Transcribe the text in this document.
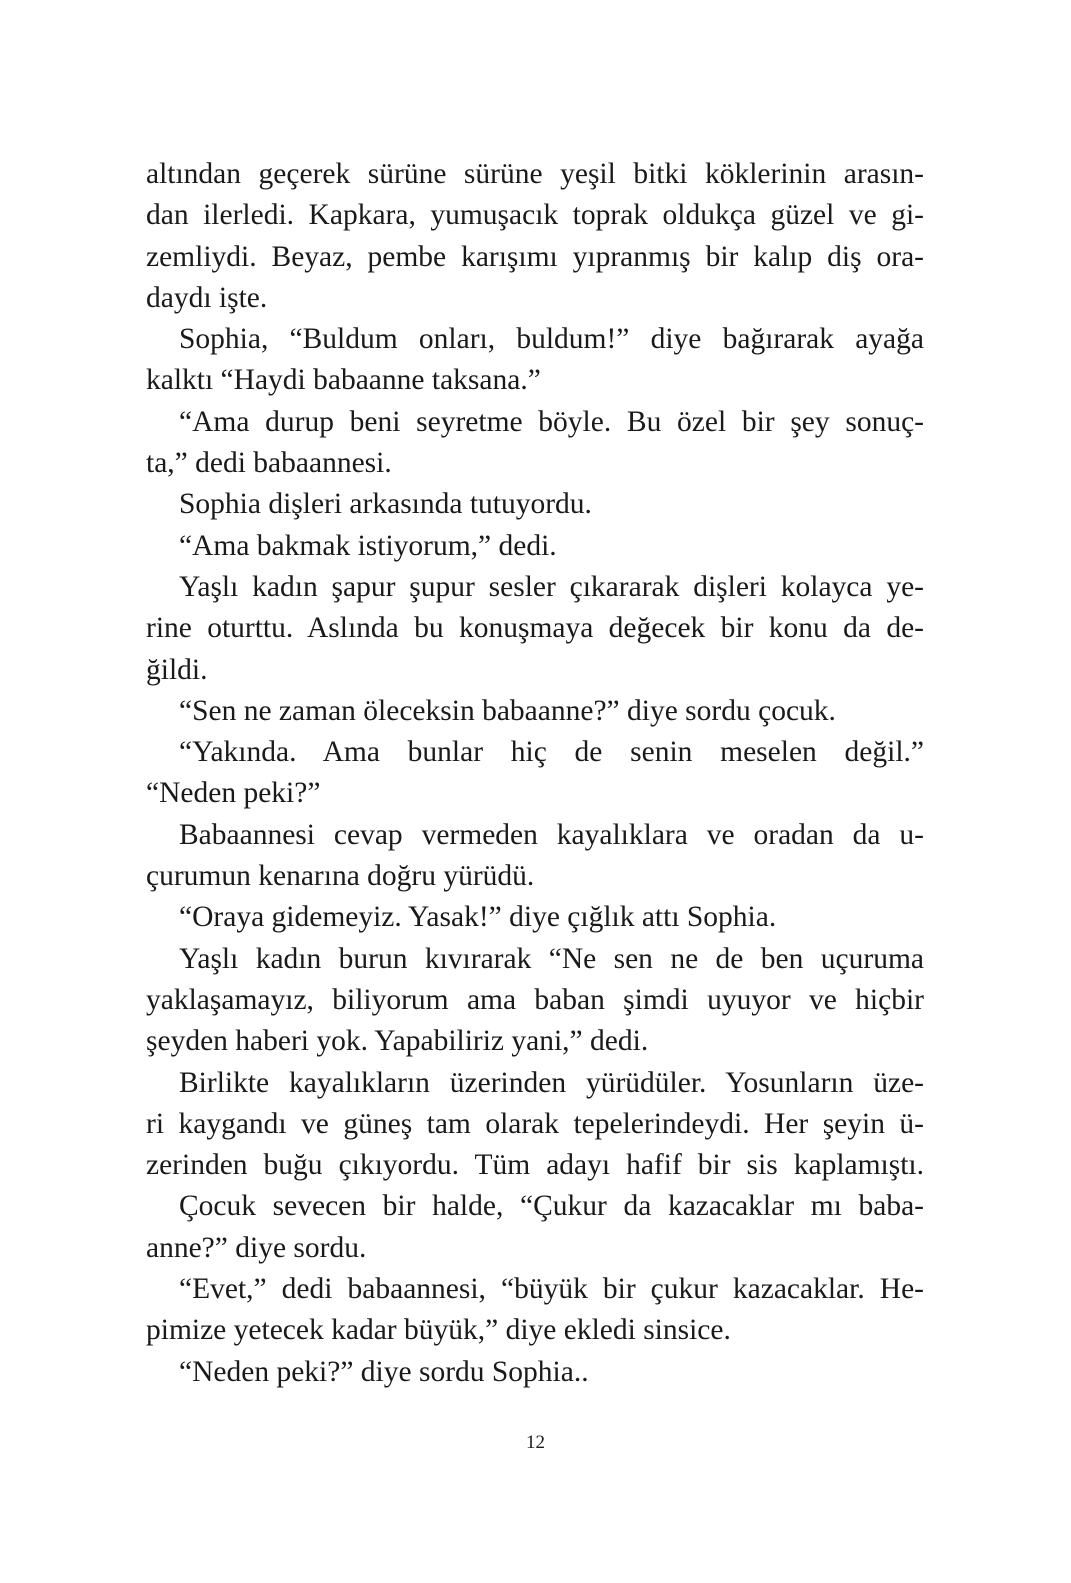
altından geçerek sürüne sürüne yeşil bitki köklerinin arasın-
dan ilerledi. Kapkara, yumuşacık toprak oldukça güzel ve gi-
zemliydi. Beyaz, pembe karışımı yıpranmış bir kalıp diş ora-
daydı işte.
Sophia, “Buldum onları, buldum!” diye bağırarak ayağa
kalktı “Haydi babaanne taksana.”
“Ama durup beni seyretme böyle. Bu özel bir şey sonuç-
ta,” dedi babaannesi.
Sophia dişleri arkasında tutuyordu.
“Ama bakmak istiyorum,” dedi.
Yaşlı kadın şapur şupur sesler çıkararak dişleri kolayca ye-
rine oturttu. Aslında bu konuşmaya değecek bir konu da de-
ğildi.
“Sen ne zaman öleceksin babaanne?” diye sordu çocuk.
“Yakında. Ama bunlar hiç de senin meselen değil.”
“Neden peki?”
Babaannesi cevap vermeden kayalıklara ve oradan da u-
çurumun kenarına doğru yürüdü.
“Oraya gidemeyiz. Yasak!” diye çığlık attı Sophia.
Yaşlı kadın burun kıvırarak “Ne sen ne de ben uçuruma
yaklaşamayız, biliyorum ama baban şimdi uyuyor ve hiçbir
şeyden haberi yok. Yapabiliriz yani,” dedi.
Birlikte kayalıkların üzerinden yürüdüler. Yosunların üze-
ri kaygandı ve güneş tam olarak tepelerindeydi. Her şeyin ü-
zerinden buğu çıkıyordu. Tüm adayı hafif bir sis kaplamıştı.
Çocuk sevecen bir halde, “Çukur da kazacaklar mı baba-
anne?” diye sordu.
“Evet,” dedi babaannesi, “büyük bir çukur kazacaklar. He-
pimize yetecek kadar büyük,” diye ekledi sinsice.
“Neden peki?” diye sordu Sophia..
12
